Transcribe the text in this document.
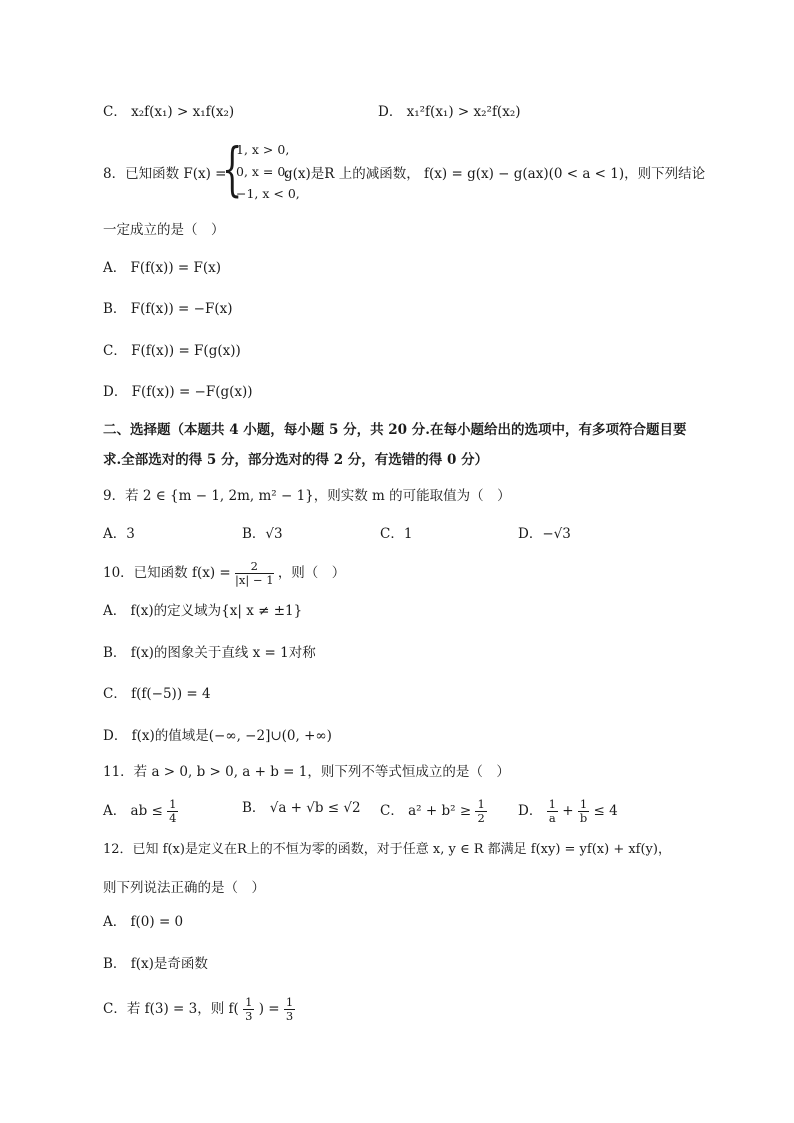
C． x₂f(x₁) > x₁f(x₂)	D． x₁²f(x₁) > x₂²f(x₂)
8．已知函数 F(x) =
{
1, x > 0,
0, x = 0,
−1, x < 0,
g(x)是R 上的减函数， f(x) = g(x) − g(ax)(0 < a < 1)，则下列结论
一定成立的是（　）
A． F(f(x)) = F(x)
B． F(f(x)) = −F(x)
C． F(f(x)) = F(g(x))
D． F(f(x)) = −F(g(x))
二、选择题（本题共 4 小题，每小题 5 分，共 20 分.在每小题给出的选项中，有多项符合题目要
求.全部选对的得 5 分，部分选对的得 2 分，有选错的得 0 分）
9．若 2 ∈ {m − 1, 2m, m² − 1}，则实数 m 的可能取值为（　）
A．3	B．√3	C．1	D．−√3
10．已知函数 $f(x) = \frac{2}{|x| - 1}$ ，则（　）
A． f(x)的定义域为{x| x ≠ ±1}
B． f(x)的图象关于直线 x = 1对称
C． f(f(−5)) = 4
D． f(x)的值域是(−∞, −2]∪(0, +∞)
11．若 a > 0, b > 0, a + b = 1，则下列不等式恒成立的是（　）
A． ab ≤ $\frac{1}{4}$	B． √a + √b ≤ √2 C． $a^2 + b^2 \ge \frac{1}{2}$ D． $\frac{1}{a} + \frac{1}{b} \le 4$
12．已知 f(x)是定义在R上的不恒为零的函数，对于任意 x, y ∈ R 都满足 f(xy) = yf(x) + xf(y)，
则下列说法正确的是（　）
A． f(0) = 0
B． f(x)是奇函数
C．若 f(3) = 3，则 $f( \frac{1}{3}$ ) = $\frac{1}{3}$
